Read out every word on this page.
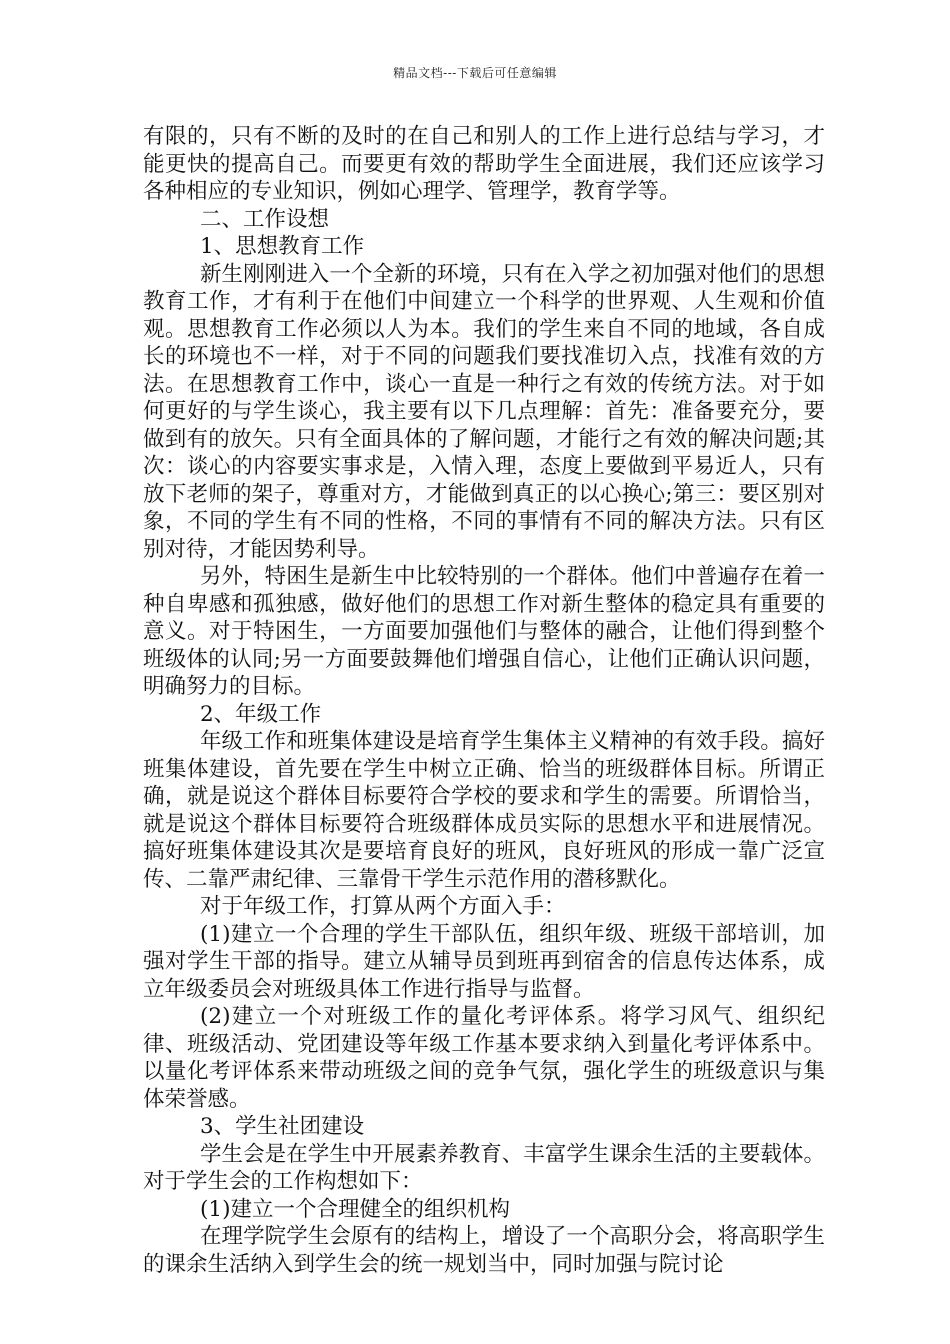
精品文档---下载后可任意编辑

有限的，只有不断的及时的在自己和别人的工作上进行总结与学习，才能更快的提高自己。而要更有效的帮助学生全面进展，我们还应该学习各种相应的专业知识，例如心理学、管理学，教育学等。

二、工作设想

1、思想教育工作

新生刚刚进入一个全新的环境，只有在入学之初加强对他们的思想教育工作，才有利于在他们中间建立一个科学的世界观、人生观和价值观。思想教育工作必须以人为本。我们的学生来自不同的地域，各自成长的环境也不一样，对于不同的问题我们要找准切入点，找准有效的方法。在思想教育工作中，谈心一直是一种行之有效的传统方法。对于如何更好的与学生谈心，我主要有以下几点理解：首先：准备要充分，要做到有的放矢。只有全面具体的了解问题，才能行之有效的解决问题;其次：谈心的内容要实事求是，入情入理，态度上要做到平易近人，只有放下老师的架子，尊重对方，才能做到真正的以心换心;第三：要区别对象，不同的学生有不同的性格，不同的事情有不同的解决方法。只有区别对待，才能因势利导。

另外，特困生是新生中比较特别的一个群体。他们中普遍存在着一种自卑感和孤独感，做好他们的思想工作对新生整体的稳定具有重要的意义。对于特困生，一方面要加强他们与整体的融合，让他们得到整个班级体的认同;另一方面要鼓舞他们增强自信心，让他们正确认识问题，明确努力的目标。

2、年级工作

年级工作和班集体建设是培育学生集体主义精神的有效手段。搞好班集体建设，首先要在学生中树立正确、恰当的班级群体目标。所谓正确，就是说这个群体目标要符合学校的要求和学生的需要。所谓恰当，就是说这个群体目标要符合班级群体成员实际的思想水平和进展情况。搞好班集体建设其次是要培育良好的班风，良好班风的形成一靠广泛宣传、二靠严肃纪律、三靠骨干学生示范作用的潜移默化。

对于年级工作，打算从两个方面入手：

(1)建立一个合理的学生干部队伍，组织年级、班级干部培训，加强对学生干部的指导。建立从辅导员到班再到宿舍的信息传达体系，成立年级委员会对班级具体工作进行指导与监督。

(2)建立一个对班级工作的量化考评体系。将学习风气、组织纪律、班级活动、党团建设等年级工作基本要求纳入到量化考评体系中。以量化考评体系来带动班级之间的竞争气氛，强化学生的班级意识与集体荣誉感。

3、学生社团建设

学生会是在学生中开展素养教育、丰富学生课余生活的主要载体。对于学生会的工作构想如下：

(1)建立一个合理健全的组织机构

在理学院学生会原有的结构上，增设了一个高职分会，将高职学生的课余生活纳入到学生会的统一规划当中，同时加强与院讨论
